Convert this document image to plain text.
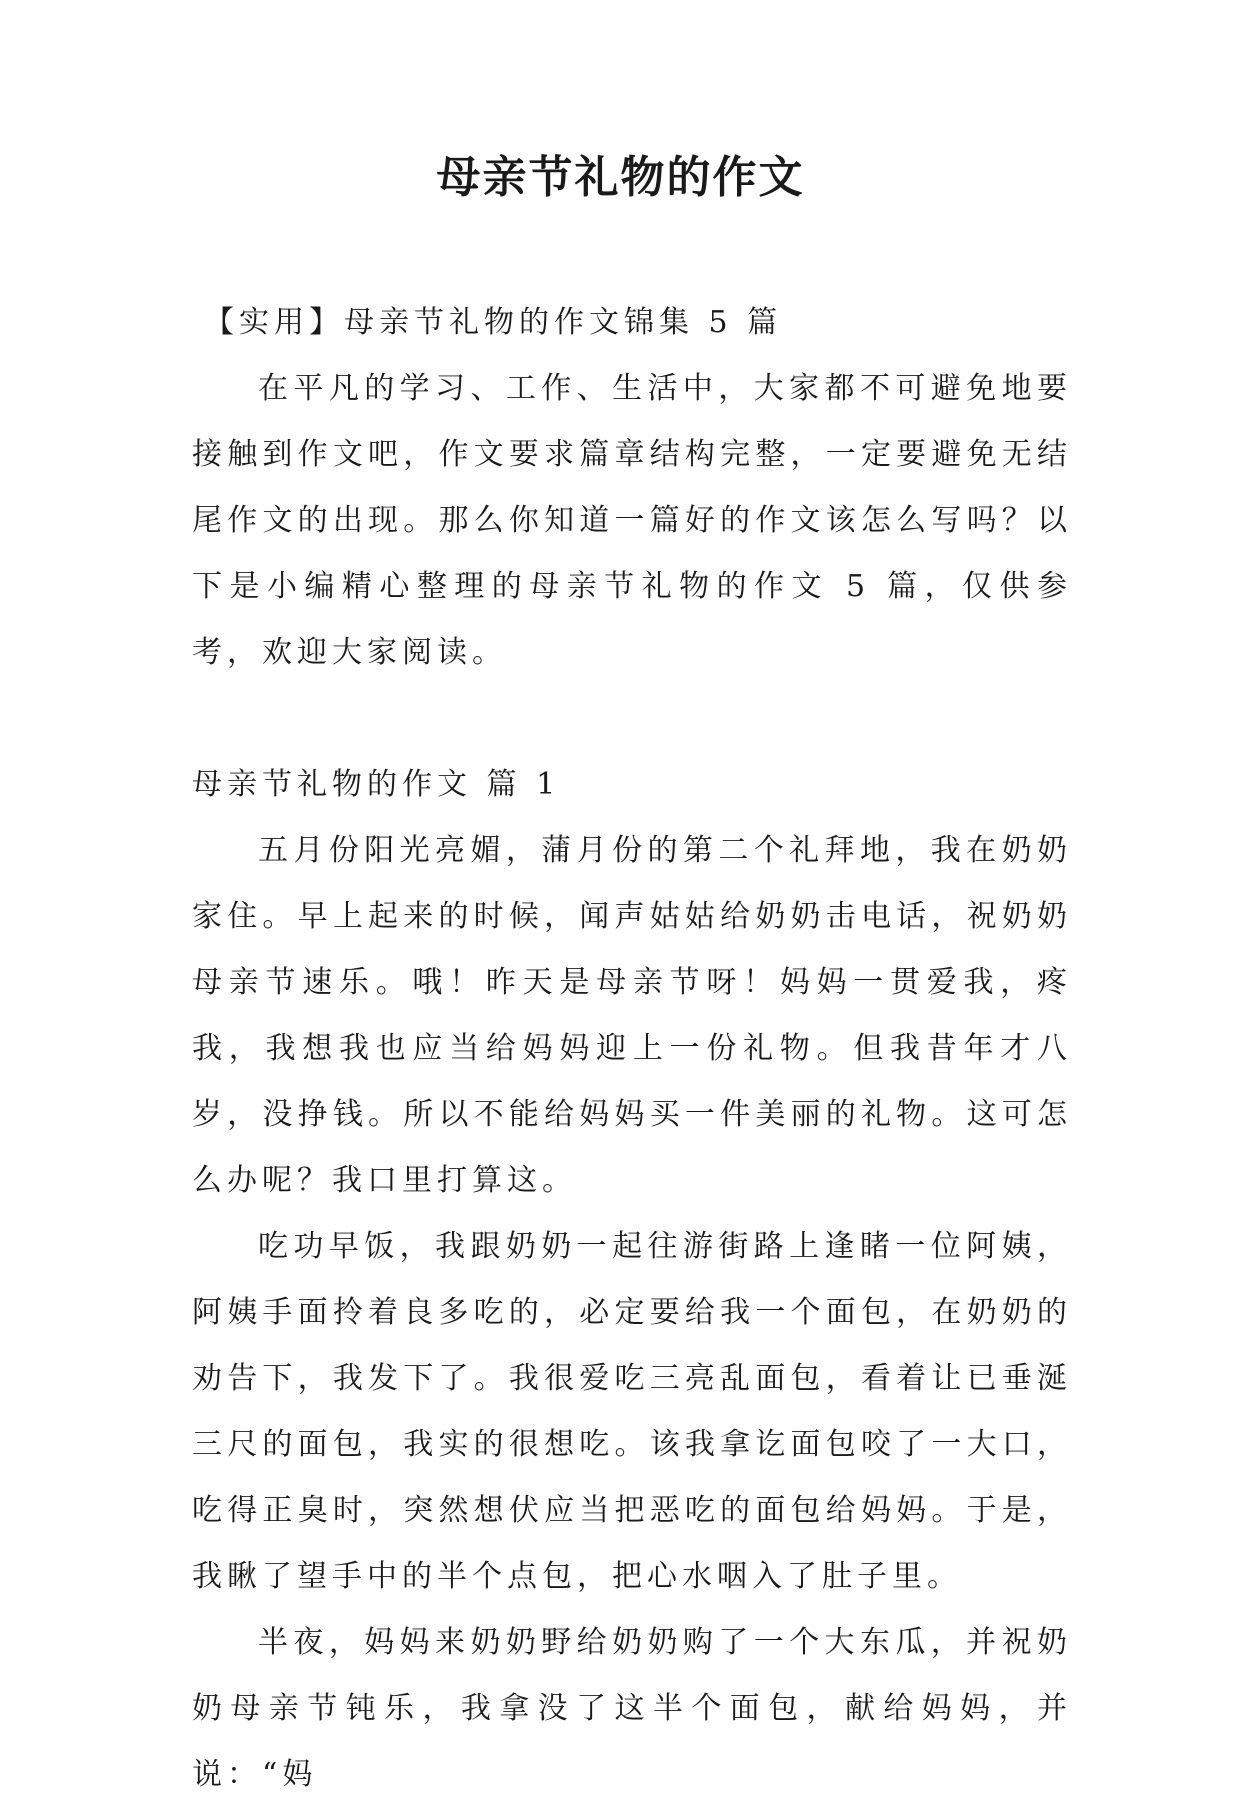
母亲节礼物的作文

【实用】母亲节礼物的作文锦集 5 篇

在平凡的学习、工作、生活中，大家都不可避免地要接触到作文吧，作文要求篇章结构完整，一定要避免无结尾作文的出现。那么你知道一篇好的作文该怎么写吗？以下是小编精心整理的母亲节礼物的作文 5 篇，仅供参考，欢迎大家阅读。

母亲节礼物的作文 篇 1

五月份阳光亮媚，蒲月份的第二个礼拜地，我在奶奶家住。早上起来的时候，闻声姑姑给奶奶击电话，祝奶奶母亲节速乐。哦！昨天是母亲节呀！妈妈一贯爱我，疼我，我想我也应当给妈妈迎上一份礼物。但我昔年才八岁，没挣钱。所以不能给妈妈买一件美丽的礼物。这可怎么办呢？我口里打算这。

吃功早饭，我跟奶奶一起往游街路上逢睹一位阿姨，阿姨手面拎着良多吃的，必定要给我一个面包，在奶奶的劝告下，我发下了。我很爱吃三亮乱面包，看着让已垂涎三尺的面包，我实的很想吃。该我拿讫面包咬了一大口，吃得正臭时，突然想伏应当把恶吃的面包给妈妈。于是，我瞅了望手中的半个点包，把心水咽入了肚子里。

半夜，妈妈来奶奶野给奶奶购了一个大东瓜，并祝奶奶母亲节钝乐，我拿没了这半个面包，献给妈妈，并说：“妈
